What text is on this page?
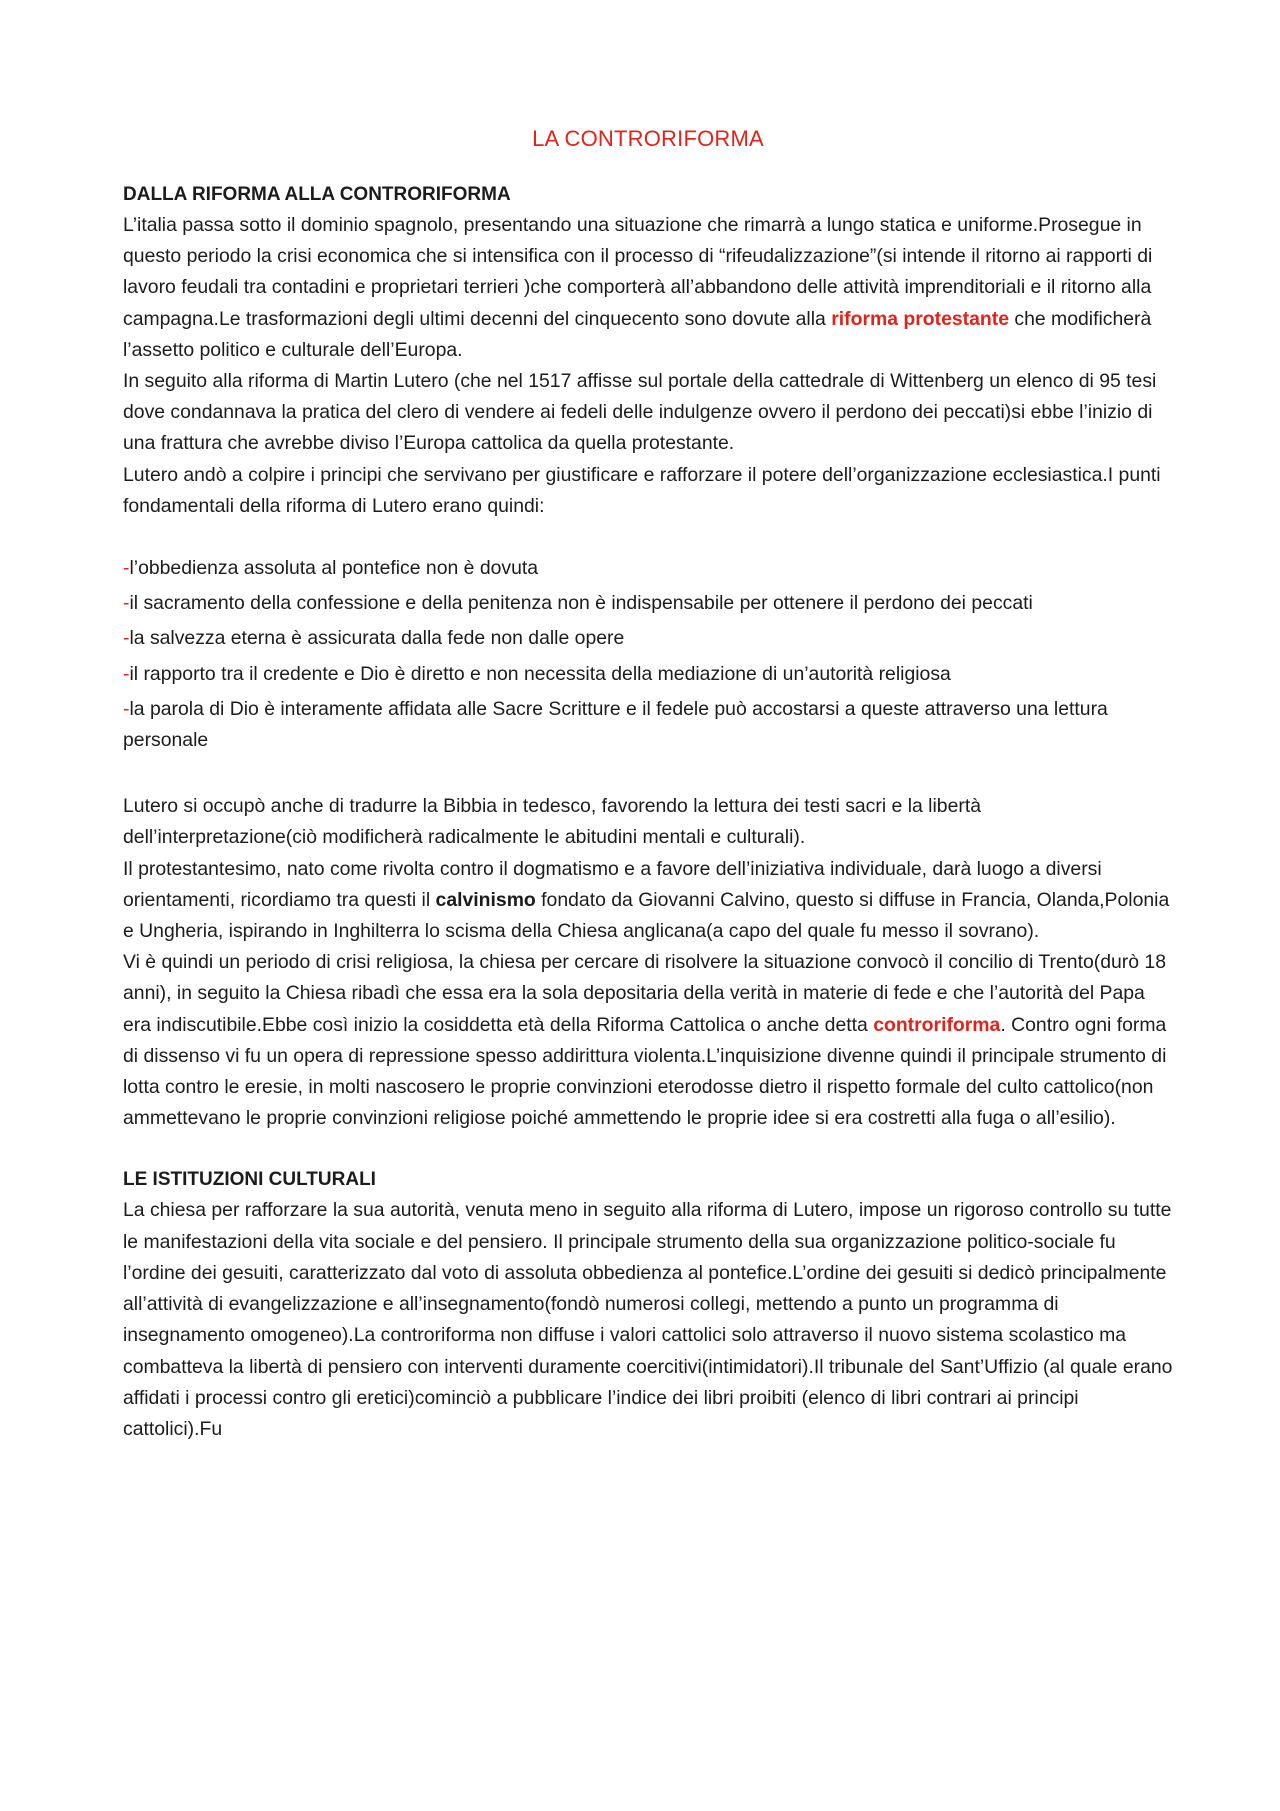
LA CONTRORIFORMA
DALLA RIFORMA ALLA CONTRORIFORMA

L’italia passa sotto il dominio spagnolo, presentando una situazione che rimarrà a lungo statica e uniforme.Prosegue in questo periodo la crisi economica che si intensifica con il processo di “rifeudalizzazione”(si intende il ritorno ai rapporti di lavoro feudali tra contadini e proprietari terrieri )che comporterà all’abbandono delle attività imprenditoriali e il ritorno alla campagna.Le trasformazioni degli ultimi decenni del cinquecento sono dovute alla riforma protestante che modificherà l’assetto politico e culturale dell’Europa.

In seguito alla riforma di Martin Lutero (che nel 1517 affisse sul portale della cattedrale di Wittenberg un elenco di 95 tesi dove condannava la pratica del clero di vendere ai fedeli delle indulgenze ovvero il perdono dei peccati)si ebbe l’inizio di una frattura che avrebbe diviso l’Europa cattolica da quella protestante.

Lutero andò a colpire i principi che servivano per giustificare e rafforzare il potere dell’organizzazione ecclesiastica.I punti fondamentali della riforma di Lutero erano quindi:

-l’obbedienza assoluta al pontefice non è dovuta

-il sacramento della confessione e della penitenza non è indispensabile per ottenere il perdono dei peccati

-la salvezza eterna è assicurata dalla fede non dalle opere

-il rapporto tra il credente e Dio è diretto e non necessita della mediazione di un’autorità religiosa

-la parola di Dio è interamente affidata alle Sacre Scritture e il fedele può accostarsi a queste attraverso una lettura personale

Lutero si occupò anche di tradurre la Bibbia in tedesco, favorendo la lettura dei testi sacri e la libertà dell’interpretazione(ciò modificherà radicalmente le abitudini mentali e culturali).

Il protestantesimo, nato come rivolta contro il dogmatismo e a favore dell’iniziativa individuale, darà luogo a diversi orientamenti, ricordiamo tra questi il calvinismo fondato da Giovanni Calvino, questo si diffuse in Francia, Olanda,Polonia e Ungheria, ispirando in Inghilterra lo scisma della Chiesa anglicana(a capo del quale fu messo il sovrano).

Vi è quindi un periodo di crisi religiosa, la chiesa per cercare di risolvere la situazione convocò il concilio di Trento(durò 18 anni), in seguito la Chiesa ribadì che essa era la sola depositaria della verità in materie di fede e che l’autorità del Papa era indiscutibile.Ebbe così inizio la cosiddetta età della Riforma Cattolica o anche detta controriforma. Contro ogni forma di dissenso vi fu un opera di repressione spesso addirittura violenta.L’inquisizione divenne quindi il principale strumento di lotta contro le eresie, in molti nascosero le proprie convinzioni eterodosse dietro il rispetto formale del culto cattolico(non ammettevano le proprie convinzioni religiose poiché ammettendo le proprie idee si era costretti alla fuga o all’esilio).

LE ISTITUZIONI CULTURALI

La chiesa per rafforzare la sua autorità, venuta meno in seguito alla riforma di Lutero, impose un rigoroso controllo su tutte le manifestazioni della vita sociale e del pensiero. Il principale strumento della sua organizzazione politico-sociale fu l’ordine dei gesuiti, caratterizzato dal voto di assoluta obbedienza al pontefice.L’ordine dei gesuiti si dedicò principalmente all’attività di evangelizzazione e all’insegnamento(fondò numerosi collegi, mettendo a punto un programma di insegnamento omogeneo).La controriforma non diffuse i valori cattolici solo attraverso il nuovo sistema scolastico ma combatteva la libertà di pensiero con interventi duramente coercitivi(intimidatori).Il tribunale del Sant’Uffizio (al quale erano affidati i processi contro gli eretici)cominciò a pubblicare l’indice dei libri proibiti (elenco di libri contrari ai principi cattolici).Fu
